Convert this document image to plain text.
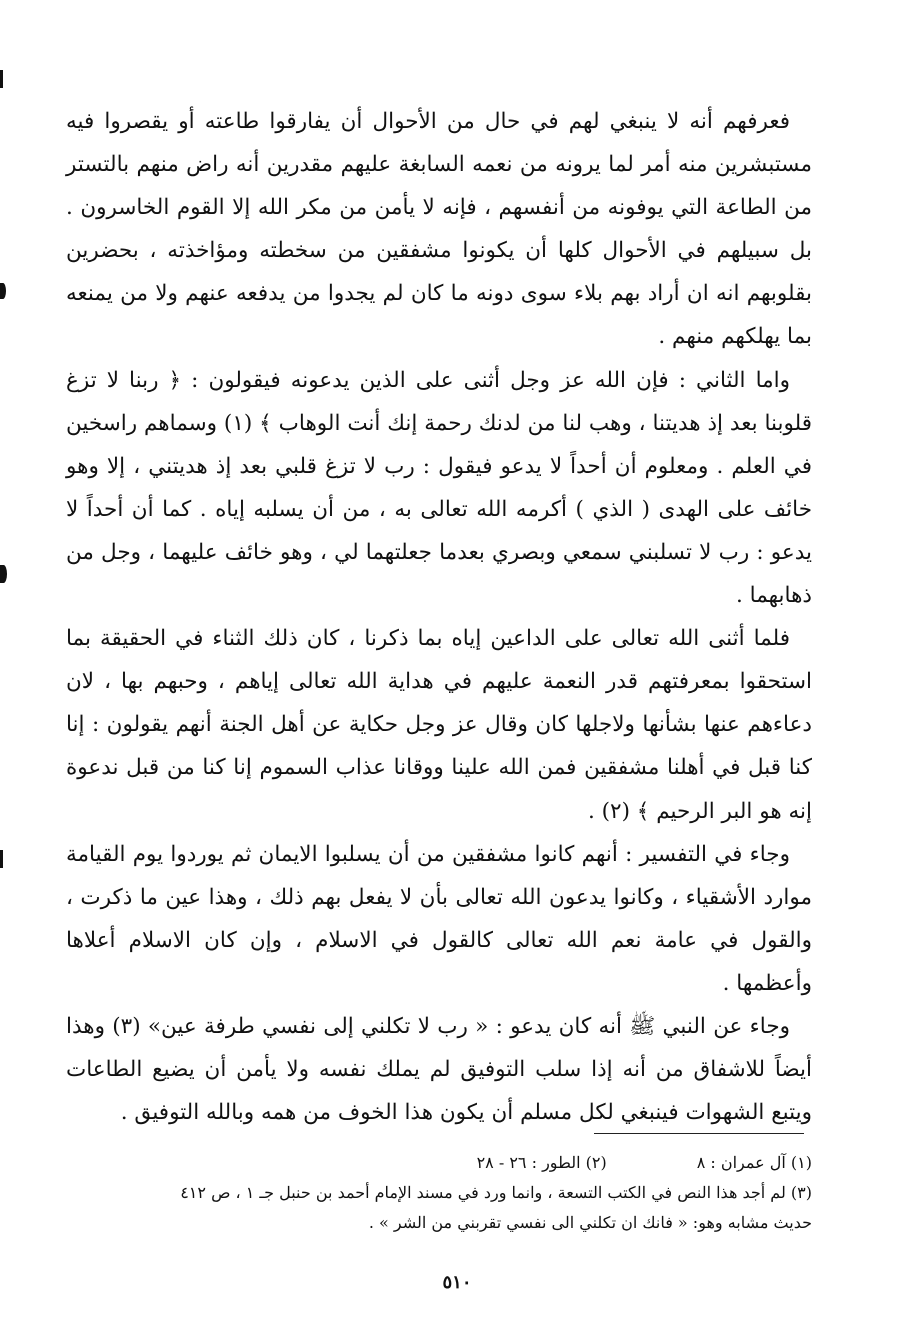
فعرفهم أنه لا ينبغي لهم في حال من الأحوال أن يفارقوا طاعته أو يقصروا فيه مستبشرين منه أمر لما يرونه من نعمه السابغة عليهم مقدرين أنه راض منهم بالتستر من الطاعة التي يوفونه من أنفسهم ، فإنه لا يأمن من مكر الله إلا القوم الخاسرون . بل سبيلهم في الأحوال كلها أن يكونوا مشفقين من سخطته ومؤاخذته ، بحضرين بقلوبهم انه ان أراد بهم بلاء سوى دونه ما كان لم يجدوا من يدفعه عنهم ولا من يمنعه بما يهلكهم منهم .

واما الثاني : فإن الله عز وجل أثنى على الذين يدعونه فيقولون : ﴿ ربنا لا تزغ قلوبنا بعد إذ هديتنا ، وهب لنا من لدنك رحمة إنك أنت الوهاب ﴾ (١) وسماهم راسخين في العلم . ومعلوم أن أحداً لا يدعو فيقول : رب لا تزغ قلبي بعد إذ هديتني ، إلا وهو خائف على الهدى ( الذي ) أكرمه الله تعالى به ، من أن يسلبه إياه . كما أن أحداً لا يدعو : رب لا تسلبني سمعي وبصري بعدما جعلتهما لي ، وهو خائف عليهما ، وجل من ذهابهما .

فلما أثنى الله تعالى على الداعين إياه بما ذكرنا ، كان ذلك الثناء في الحقيقة بما استحقوا بمعرفتهم قدر النعمة عليهم في هداية الله تعالى إياهم ، وحبهم بها ، لان دعاءهم عنها بشأنها ولاجلها كان وقال عز وجل حكاية عن أهل الجنة أنهم يقولون : إنا كنا قبل في أهلنا مشفقين فمن الله علينا ووقانا عذاب السموم إنا كنا من قبل ندعوة إنه هو البر الرحيم ﴾ (٢) .

وجاء في التفسير : أنهم كانوا مشفقين من أن يسلبوا الايمان ثم يوردوا يوم القيامة موارد الأشقياء ، وكانوا يدعون الله تعالى بأن لا يفعل بهم ذلك ، وهذا عين ما ذكرت ، والقول في عامة نعم الله تعالى كالقول في الاسلام ، وإن كان الاسلام أعلاها وأعظمها .

وجاء عن النبي ﷺ أنه كان يدعو : « رب لا تكلني إلى نفسي طرفة عين» (٣) وهذا أيضاً للاشفاق من أنه إذا سلب التوفيق لم يملك نفسه ولا يأمن أن يضيع الطاعات ويتبع الشهوات فينبغي لكل مسلم أن يكون هذا الخوف من همه وبالله التوفيق .

(١) آل عمران : ٨(٢) الطور : ٢٦ - ٢٨

(٣) لم أجد هذا النص في الكتب التسعة ، وانما ورد في مسند الإمام أحمد بن حنبل جـ ١ ، ص ٤١٢

حديث مشابه وهو: « فانك ان تكلني الى نفسي تقربني من الشر » .

٥١٠
